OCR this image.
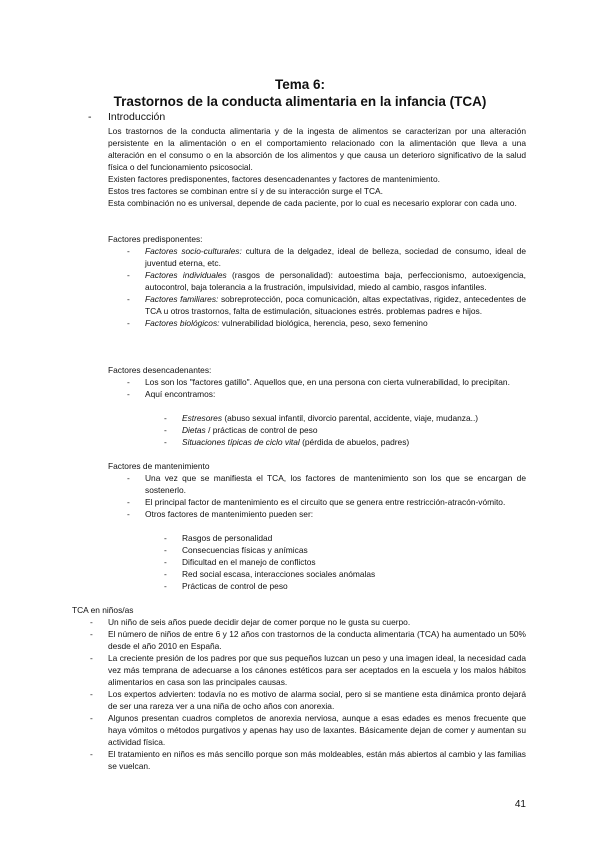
Tema 6:
Trastornos de la conducta alimentaria en la infancia (TCA)
- Introducción

Los trastornos de la conducta alimentaria y de la ingesta de alimentos se caracterizan por una alteración persistente en la alimentación o en el comportamiento relacionado con la alimentación que lleva a una alteración en el consumo o en la absorción de los alimentos y que causa un deterioro significativo de la salud física o del funcionamiento psicosocial.

Existen factores predisponentes, factores desencadenantes y factores de mantenimiento.

Estos tres factores se combinan entre sí y de su interacción surge el TCA.

Esta combinación no es universal, depende de cada paciente, por lo cual es necesario explorar con cada uno.

Factores predisponentes:
- Factores socio-culturales: cultura de la delgadez, ideal de belleza, sociedad de consumo, ideal de juventud eterna, etc.
- Factores individuales (rasgos de personalidad): autoestima baja, perfeccionismo, autoexigencia, autocontrol, baja tolerancia a la frustración, impulsividad, miedo al cambio, rasgos infantiles.
- Factores familiares: sobreprotección, poca comunicación, altas expectativas, rigidez, antecedentes de TCA u otros trastornos, falta de estimulación, situaciones estrés. problemas padres e hijos.
- Factores biológicos: vulnerabilidad biológica, herencia, peso, sexo femenino
Factores desencadenantes:
- Los son los "factores gatillo". Aquellos que, en una persona con cierta vulnerabilidad, lo precipitan.
- Aquí encontramos:
- Estresores (abuso sexual infantil, divorcio parental, accidente, viaje, mudanza..)
- Dietas / prácticas de control de peso
- Situaciones típicas de ciclo vital (pérdida de abuelos, padres)
Factores de mantenimiento
- Una vez que se manifiesta el TCA, los factores de mantenimiento son los que se encargan de sostenerlo.
- El principal factor de mantenimiento es el circuito que se genera entre restricción-atracón-vómito.
- Otros factores de mantenimiento pueden ser:
- Rasgos de personalidad
- Consecuencias físicas y anímicas
- Dificultad en el manejo de conflictos
- Red social escasa, interacciones sociales anómalas
- Prácticas de control de peso
TCA en niños/as
- Un niño de seis años puede decidir dejar de comer porque no le gusta su cuerpo.
- El número de niños de entre 6 y 12 años con trastornos de la conducta alimentaria (TCA) ha aumentado un 50% desde el año 2010 en España.
- La creciente presión de los padres por que sus pequeños luzcan un peso y una imagen ideal, la necesidad cada vez más temprana de adecuarse a los cánones estéticos para ser aceptados en la escuela y los malos hábitos alimentarios en casa son las principales causas.
- Los expertos advierten: todavía no es motivo de alarma social, pero si se mantiene esta dinámica pronto dejará de ser una rareza ver a una niña de ocho años con anorexia.
- Algunos presentan cuadros completos de anorexia nerviosa, aunque a esas edades es menos frecuente que haya vómitos o métodos purgativos y apenas hay uso de laxantes. Básicamente dejan de comer y aumentan su actividad física.
- El tratamiento en niños es más sencillo porque son más moldeables, están más abiertos al cambio y las familias se vuelcan.
41
